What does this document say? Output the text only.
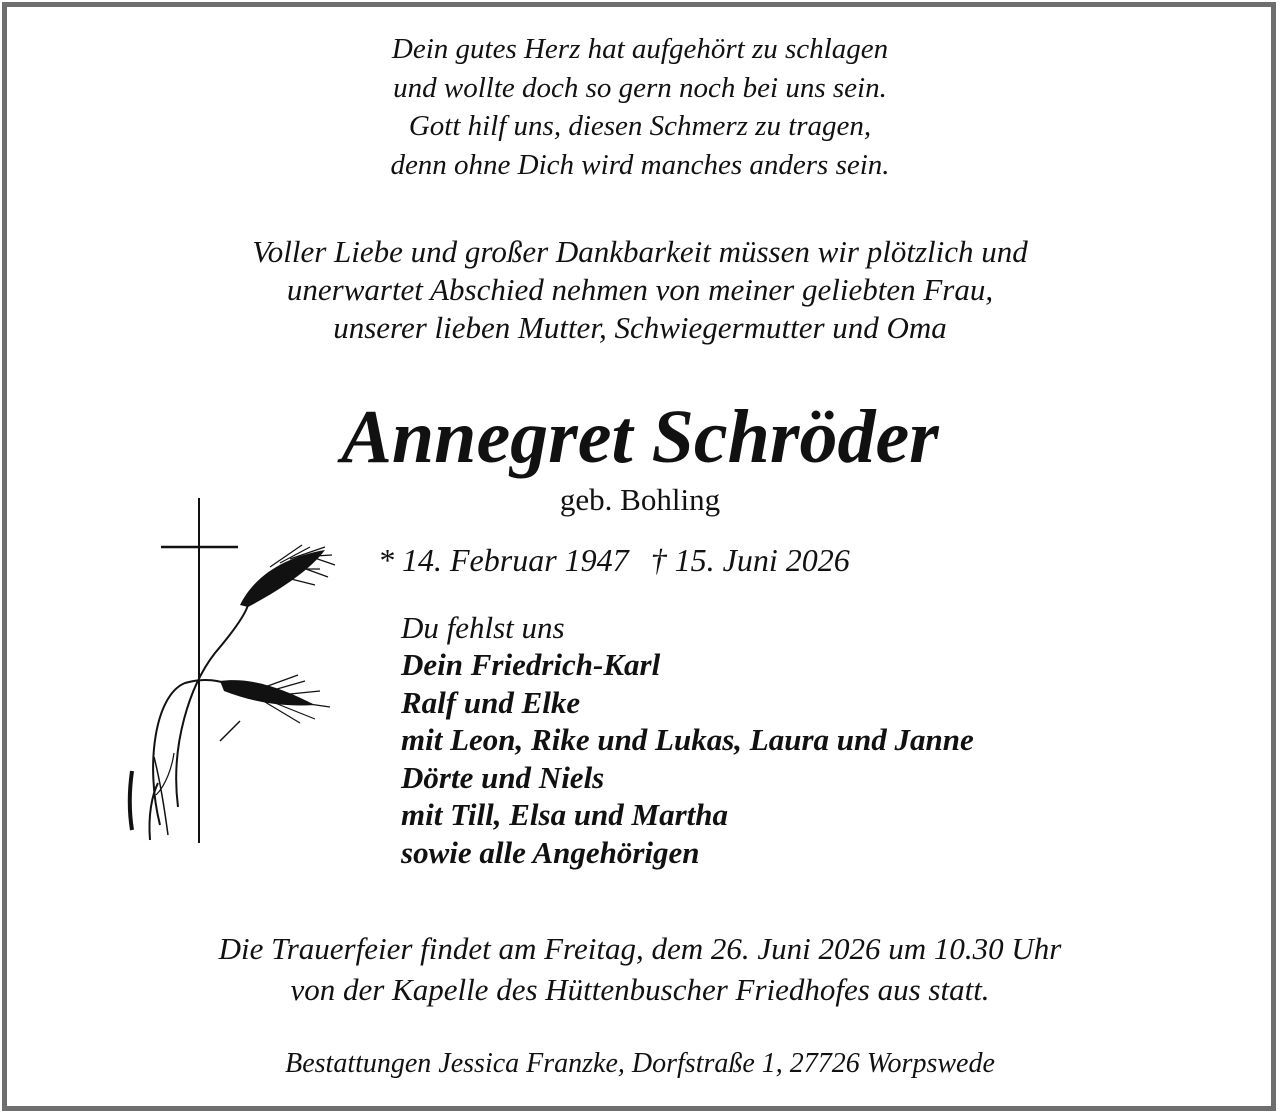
Dein gutes Herz hat aufgehört zu schlagen
und wollte doch so gern noch bei uns sein.
Gott hilf uns, diesen Schmerz zu tragen,
denn ohne Dich wird manches anders sein.
Voller Liebe und großer Dankbarkeit müssen wir plötzlich und
unerwartet Abschied nehmen von meiner geliebten Frau,
unserer lieben Mutter, Schwiegermutter und Oma
Annegret Schröder
geb. Bohling
* 14. Februar 1947 † 15. Juni 2026
Du fehlst uns
Dein Friedrich-Karl
Ralf und Elke
mit Leon, Rike und Lukas, Laura und Janne
Dörte und Niels
mit Till, Elsa und Martha
sowie alle Angehörigen
Die Trauerfeier findet am Freitag, dem 26. Juni 2026 um 10.30 Uhr
von der Kapelle des Hüttenbuscher Friedhofes aus statt.
Bestattungen Jessica Franzke, Dorfstraße 1, 27726 Worpswede
